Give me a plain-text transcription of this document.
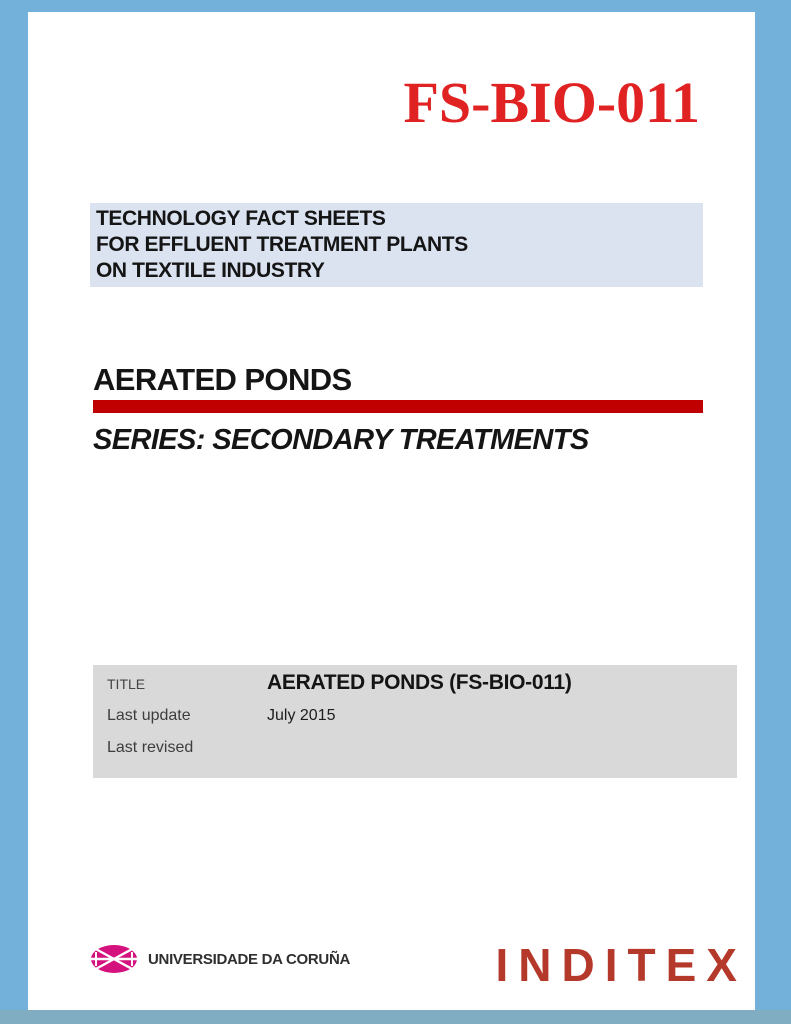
FS-BIO-011
TECHNOLOGY FACT SHEETS
FOR EFFLUENT TREATMENT PLANTS
ON TEXTILE INDUSTRY
AERATED PONDS
SERIES: SECONDARY TREATMENTS
TITLE	AERATED PONDS (FS-BIO-011)
Last update	July 2015
Last revised
UNIVERSIDADE DA CORUÑA	INDITEX
